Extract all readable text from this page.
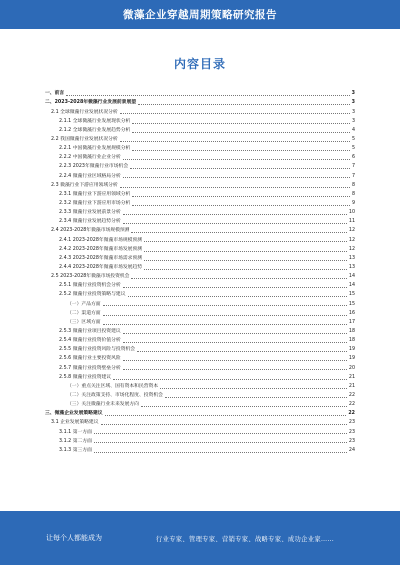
微藻企业穿越周期策略研究报告
内容目录
一、前言	3
二、2023-2028年微藻行业发展前景展望	3
2.1 全球微藻行业发展状况分析	3
2.1.1 全球微藻行业发展现状分析	3
2.1.2 全球微藻行业发展趋势分析	4
2.2 我国微藻行业发展状况分析	5
2.2.1 中国微藻行业发展规模分析	5
2.2.2 中国微藻行业企业分析	6
2.2.3 2023年微藻行业市场机会	7
2.2.4 微藻行业区域格局分析	7
2.3 微藻行业下游应用领域分析	8
2.3.1 微藻行业下游应用领域分析	8
2.3.2 微藻行业下游应用市场分析	9
2.3.3 微藻行业发展前景分析	10
2.3.4 微藻行业发展趋势分析	11
2.4 2023-2028年微藻市场规模预测	12
2.4.1 2023-2028年微藻市场规模预测	12
2.4.2 2023-2028年微藻市场发展预测	12
2.4.3 2023-2028年微藻市场需求预测	13
2.4.4 2023-2028年微藻市场发展趋势	13
2.5 2023-2028年微藻市场投资机会	14
2.5.1 微藻行业投资机会分析	14
2.5.2 微藻行业投资策略与建议	15
（一）产品方面	15
（二）渠道方面	16
（三）区域方面	17
2.5.3 微藻行业项目投资建议	18
2.5.4 微藻行业投资价值分析	18
2.5.5 微藻行业投资风险与投资机会	19
2.5.6 微藻行业主要投资风险	19
2.5.7 微藻行业投资壁垒分析	20
2.5.8 微藻行业投资建议	21
（一）重点关注区域、国有资本和民营资本	21
（二）关注政策支持、市场化程度、投资机会	22
（三）关注微藻行业未来发展方向	22
三、微藻企业发展策略建议	22
3.1 企业发展策略建议	23
3.1.1 第一方面	23
3.1.2 第二方面	23
3.1.3 第三方面	24
让每个人都能成为	行业专家、管理专家、营销专家、战略专家、成功企业家……
